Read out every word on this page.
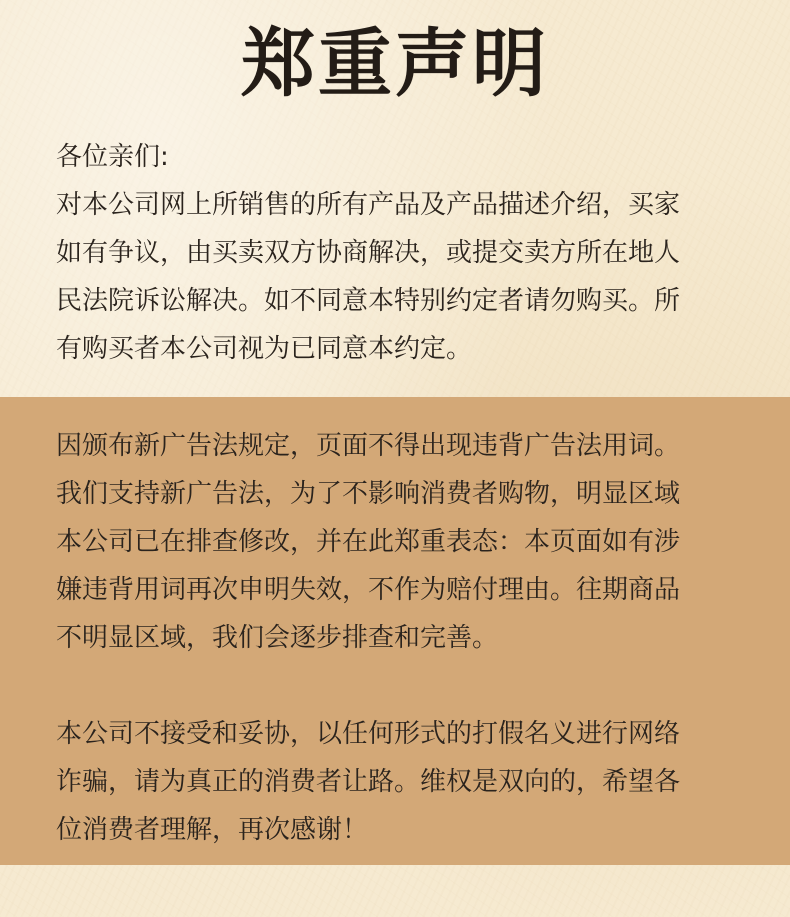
郑重声明
各位亲们:
对本公司网上所销售的所有产品及产品描述介绍，买家
如有争议，由买卖双方协商解决，或提交卖方所在地人
民法院诉讼解决。如不同意本特别约定者请勿购买。所
有购买者本公司视为已同意本约定。
因颁布新广告法规定，页面不得出现违背广告法用词。
我们支持新广告法，为了不影响消费者购物，明显区域
本公司已在排查修改，并在此郑重表态：本页面如有涉
嫌违背用词再次申明失效，不作为赔付理由。往期商品
不明显区域，我们会逐步排查和完善。
本公司不接受和妥协，以任何形式的打假名义进行网络
诈骗，请为真正的消费者让路。维权是双向的，希望各
位消费者理解，再次感谢！
